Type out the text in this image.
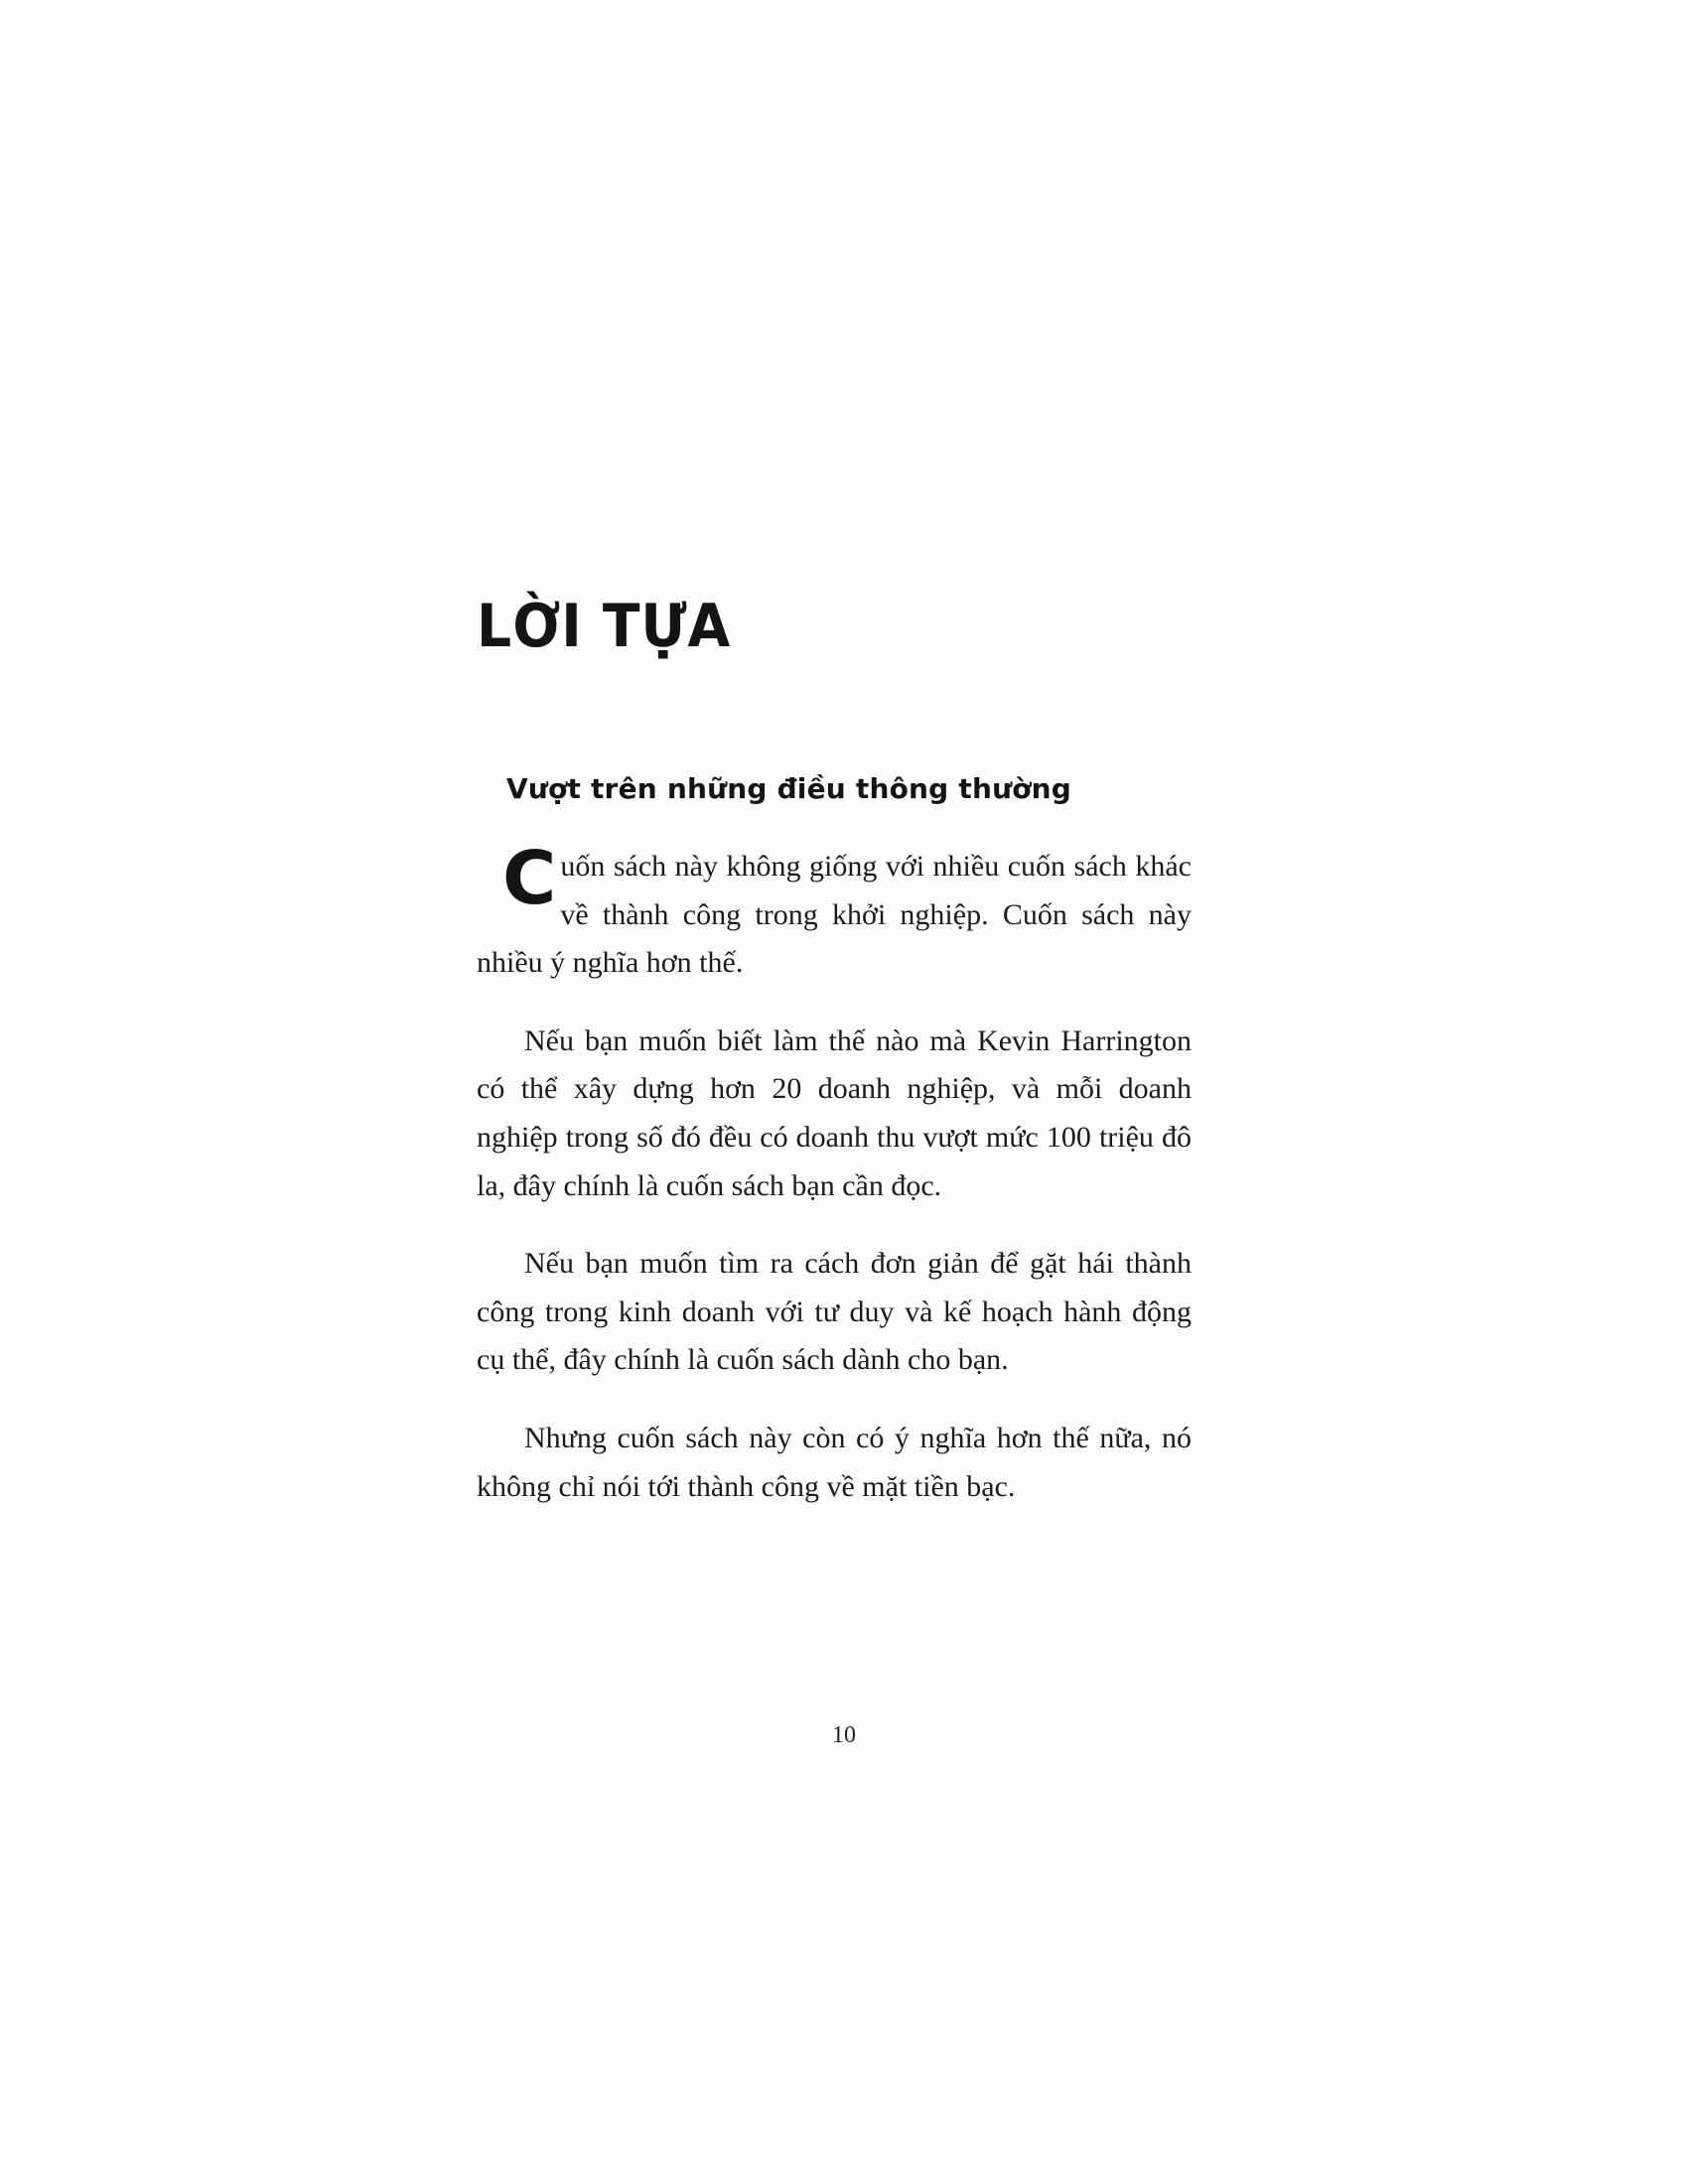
LỜI TỰA
Vượt trên những điều thông thường

Cuốn sách này không giống với nhiều cuốn sách khác về thành công trong khởi nghiệp. Cuốn sách này nhiều ý nghĩa hơn thế.

Nếu bạn muốn biết làm thế nào mà Kevin Harrington có thể xây dựng hơn 20 doanh nghiệp, và mỗi doanh nghiệp trong số đó đều có doanh thu vượt mức 100 triệu đô la, đây chính là cuốn sách bạn cần đọc.

Nếu bạn muốn tìm ra cách đơn giản để gặt hái thành công trong kinh doanh với tư duy và kế hoạch hành động cụ thể, đây chính là cuốn sách dành cho bạn.

Nhưng cuốn sách này còn có ý nghĩa hơn thế nữa, nó không chỉ nói tới thành công về mặt tiền bạc.

10
